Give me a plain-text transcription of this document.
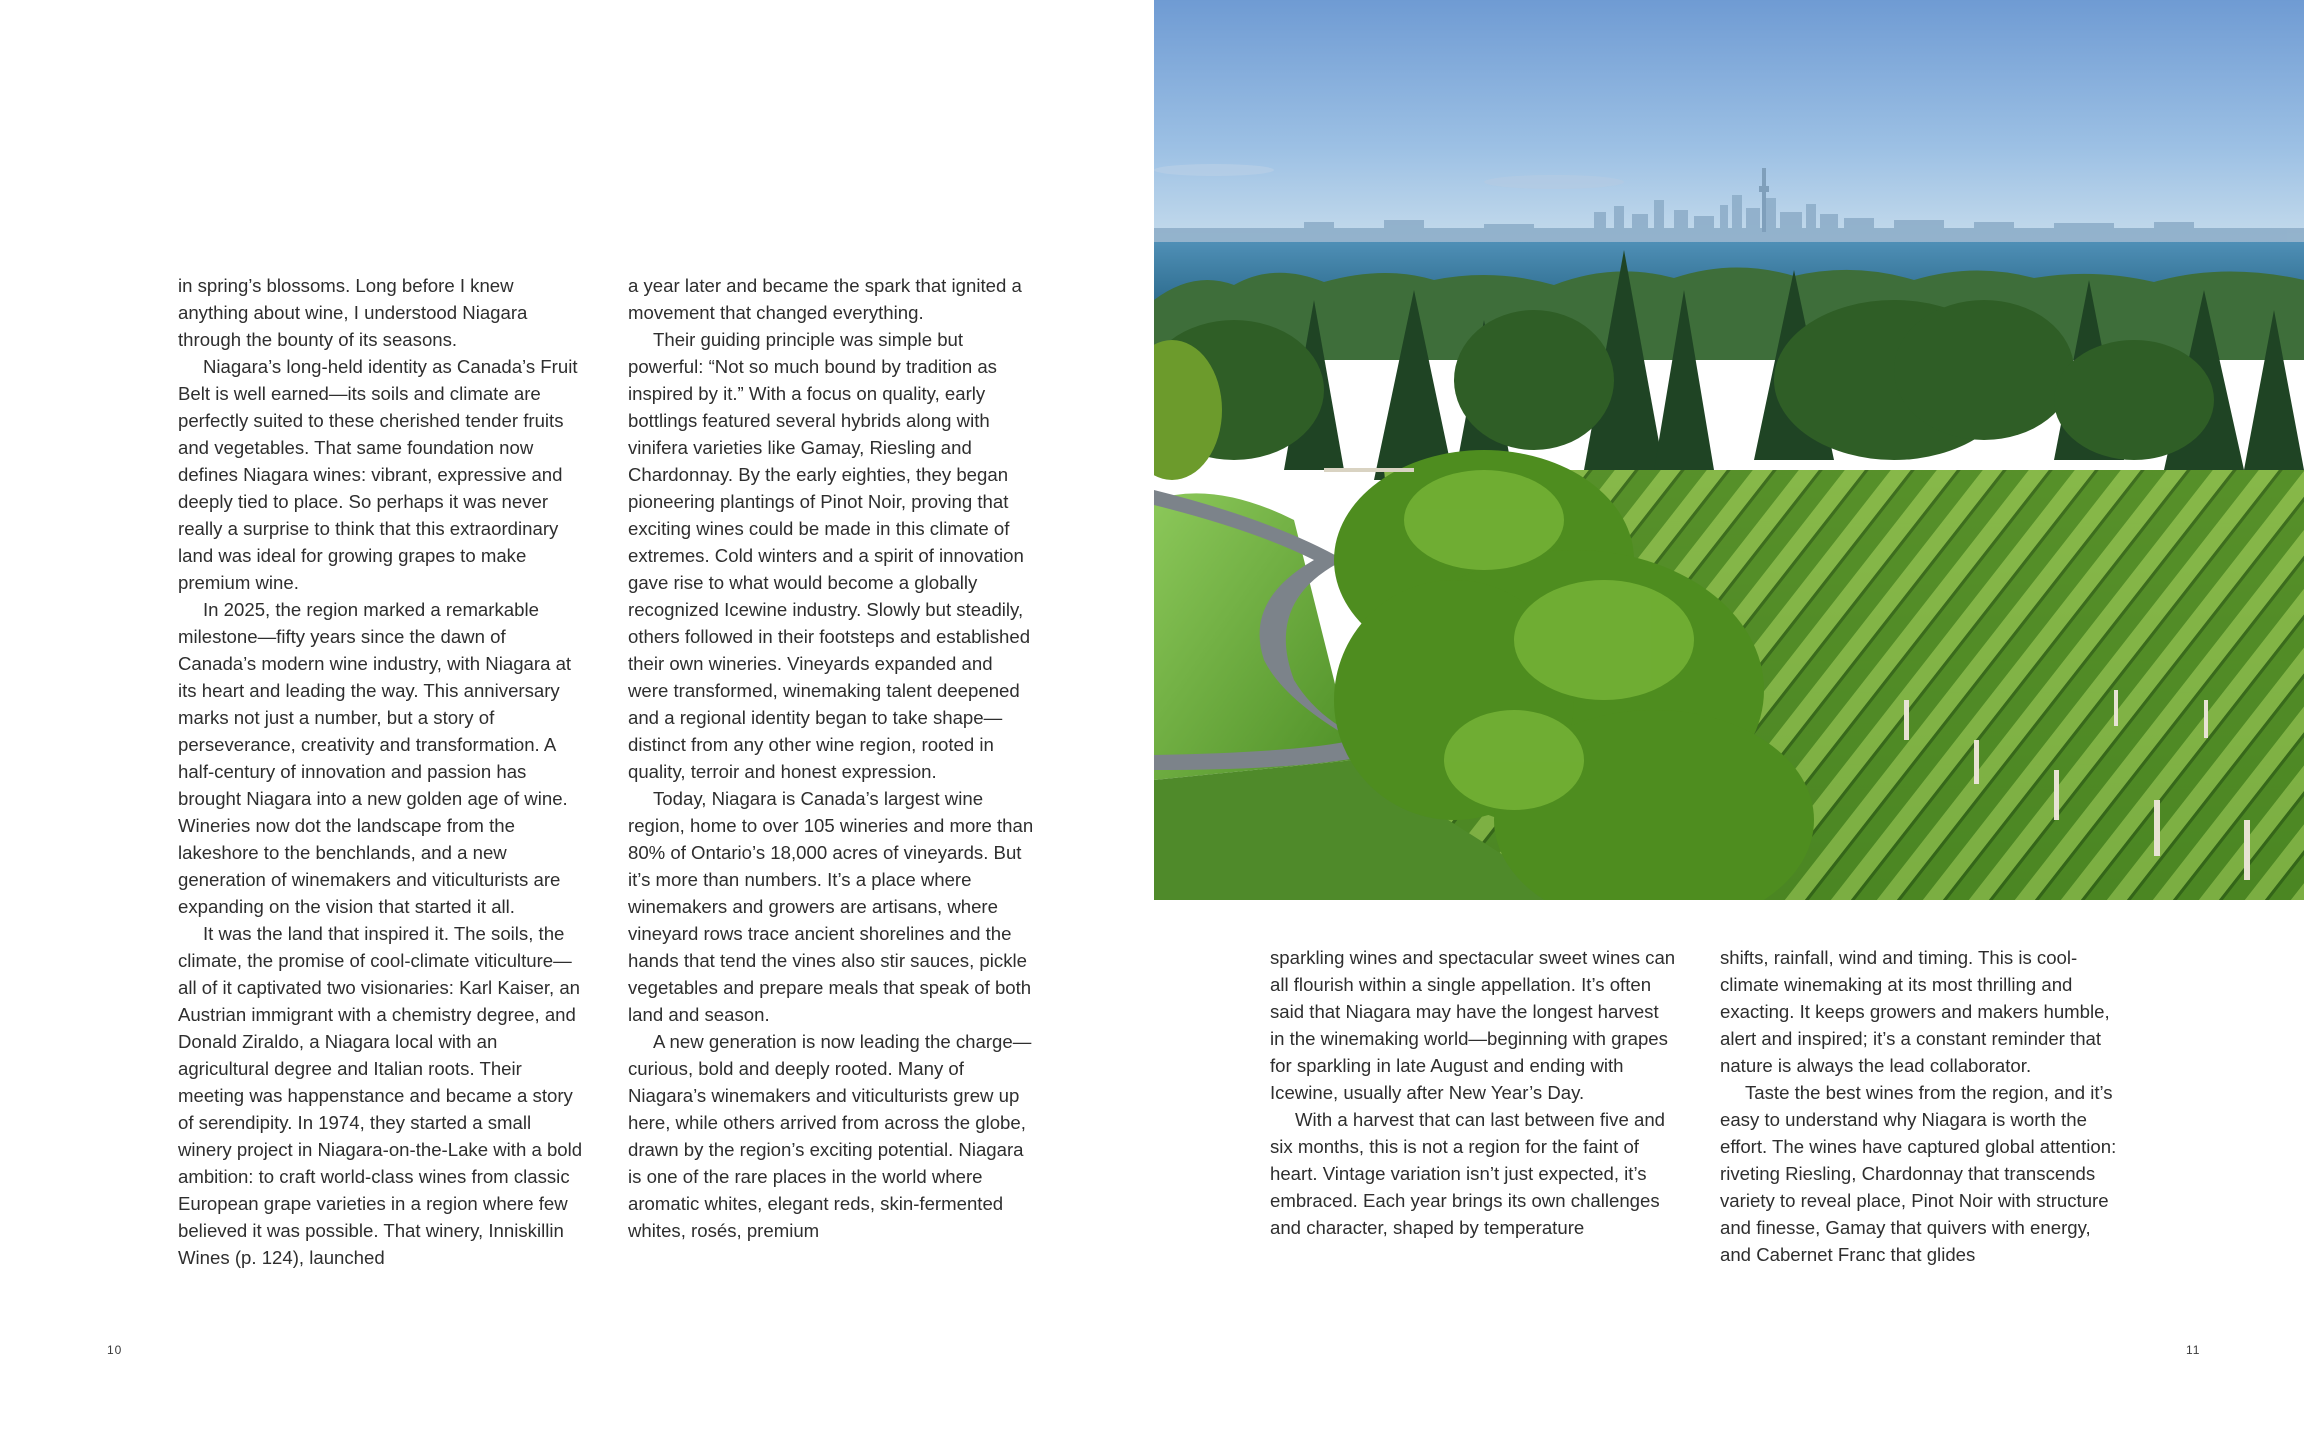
in spring’s blossoms. Long before I knew anything about wine, I understood Niagara through the bounty of its seasons.

Niagara’s long-held identity as Canada’s Fruit Belt is well earned—its soils and climate are perfectly suited to these cherished tender fruits and vegetables. That same foundation now defines Niagara wines: vibrant, expressive and deeply tied to place. So perhaps it was never really a surprise to think that this extraordinary land was ideal for growing grapes to make premium wine.

In 2025, the region marked a remarkable milestone—fifty years since the dawn of Canada’s modern wine industry, with Niagara at its heart and leading the way. This anniversary marks not just a number, but a story of perseverance, creativity and transformation. A half-century of innovation and passion has brought Niagara into a new golden age of wine. Wineries now dot the landscape from the lakeshore to the benchlands, and a new generation of winemakers and viticulturists are expanding on the vision that started it all.

It was the land that inspired it. The soils, the climate, the promise of cool-climate viticulture—all of it captivated two visionaries: Karl Kaiser, an Austrian immigrant with a chemistry degree, and Donald Ziraldo, a Niagara local with an agricultural degree and Italian roots. Their meeting was happenstance and became a story of serendipity. In 1974, they started a small winery project in Niagara-on-the-Lake with a bold ambition: to craft world-class wines from classic European grape varieties in a region where few believed it was possible. That winery, Inniskillin Wines (p. 124), launched

a year later and became the spark that ignited a movement that changed everything.

Their guiding principle was simple but powerful: “Not so much bound by tradition as inspired by it.” With a focus on quality, early bottlings featured several hybrids along with vinifera varieties like Gamay, Riesling and Chardonnay. By the early eighties, they began pioneering plantings of Pinot Noir, proving that exciting wines could be made in this climate of extremes. Cold winters and a spirit of innovation gave rise to what would become a globally recognized Icewine industry. Slowly but steadily, others followed in their footsteps and established their own wineries. Vineyards expanded and were transformed, winemaking talent deepened and a regional identity began to take shape—distinct from any other wine region, rooted in quality, terroir and honest expression.

Today, Niagara is Canada’s largest wine region, home to over 105 wineries and more than 80% of Ontario’s 18,000 acres of vineyards. But it’s more than numbers. It’s a place where winemakers and growers are artisans, where vineyard rows trace ancient shorelines and the hands that tend the vines also stir sauces, pickle vegetables and prepare meals that speak of both land and season.

A new generation is now leading the charge—curious, bold and deeply rooted. Many of Niagara’s winemakers and viticulturists grew up here, while others arrived from across the globe, drawn by the region’s exciting potential. Niagara is one of the rare places in the world where aromatic whites, elegant reds, skin-fermented whites, rosés, premium

10

sparkling wines and spectacular sweet wines can all flourish within a single appellation. It’s often said that Niagara may have the longest harvest in the winemaking world—beginning with grapes for sparkling in late August and ending with Icewine, usually after New Year’s Day.

With a harvest that can last between five and six months, this is not a region for the faint of heart. Vintage variation isn’t just expected, it’s embraced. Each year brings its own challenges and character, shaped by temperature

shifts, rainfall, wind and timing. This is cool-climate winemaking at its most thrilling and exacting. It keeps growers and makers humble, alert and inspired; it’s a constant reminder that nature is always the lead collaborator.

Taste the best wines from the region, and it’s easy to understand why Niagara is worth the effort. The wines have captured global attention: riveting Riesling, Chardonnay that transcends variety to reveal place, Pinot Noir with structure and finesse, Gamay that quivers with energy, and Cabernet Franc that glides

11
